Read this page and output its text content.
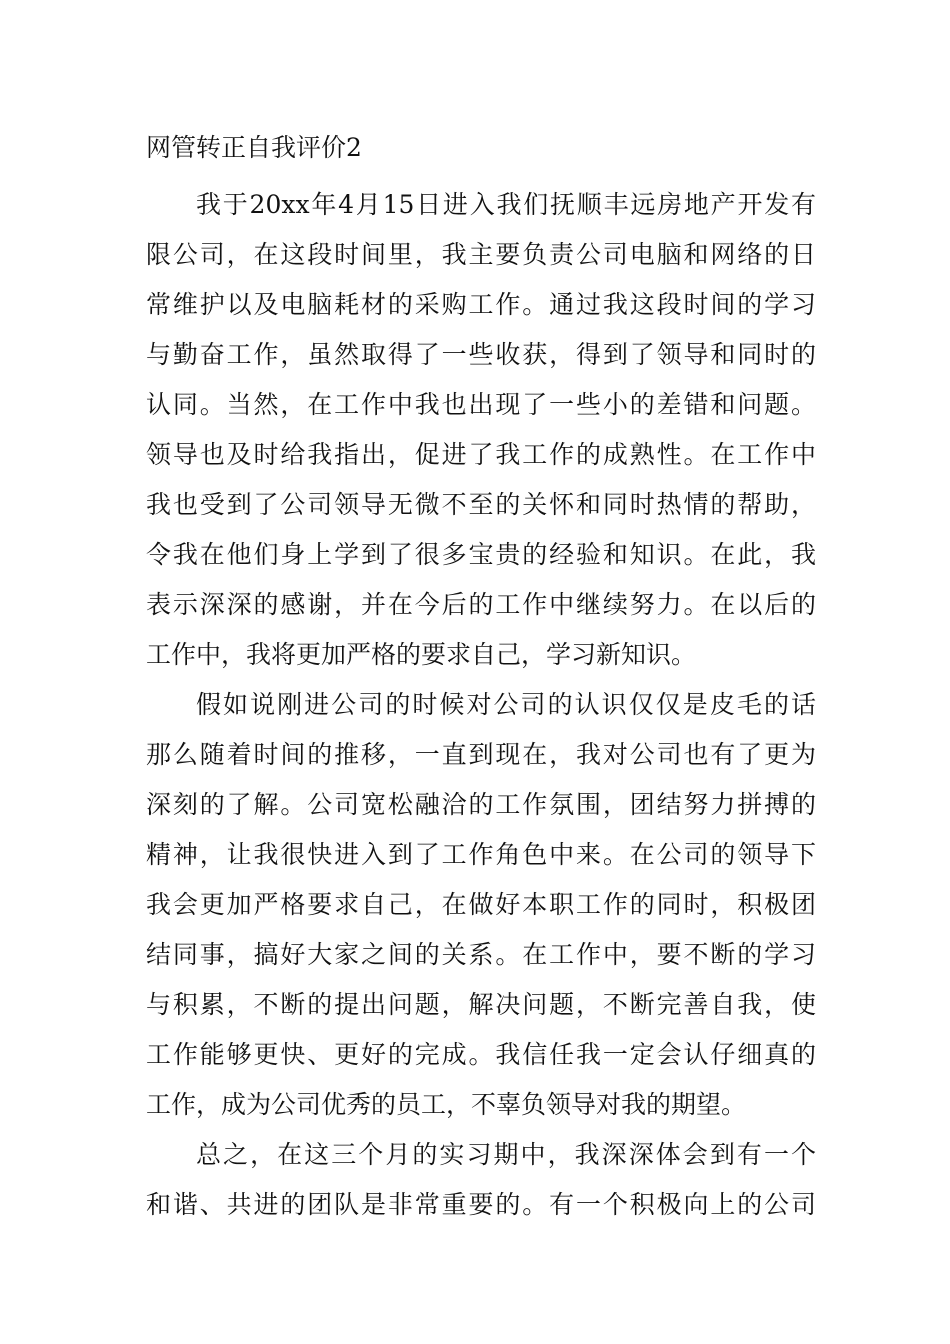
网管转正自我评价2

我于20xx年4月15日进入我们抚顺丰远房地产开发有
限公司，在这段时间里，我主要负责公司电脑和网络的日
常维护以及电脑耗材的采购工作。通过我这段时间的学习
与勤奋工作，虽然取得了一些收获，得到了领导和同时的
认同。当然，在工作中我也出现了一些小的差错和问题。
领导也及时给我指出，促进了我工作的成熟性。在工作中
我也受到了公司领导无微不至的关怀和同时热情的帮助，
令我在他们身上学到了很多宝贵的经验和知识。在此，我
表示深深的感谢，并在今后的工作中继续努力。在以后的
工作中，我将更加严格的要求自己，学习新知识。

假如说刚进公司的时候对公司的认识仅仅是皮毛的话
那么随着时间的推移，一直到现在，我对公司也有了更为
深刻的了解。公司宽松融洽的工作氛围，团结努力拼搏的
精神，让我很快进入到了工作角色中来。在公司的领导下
我会更加严格要求自己，在做好本职工作的同时，积极团
结同事，搞好大家之间的关系。在工作中，要不断的学习
与积累，不断的提出问题，解决问题，不断完善自我，使
工作能够更快、更好的完成。我信任我一定会认仔细真的
工作，成为公司优秀的员工，不辜负领导对我的期望。

总之，在这三个月的实习期中，我深深体会到有一个
和谐、共进的团队是非常重要的。有一个积极向上的公司
